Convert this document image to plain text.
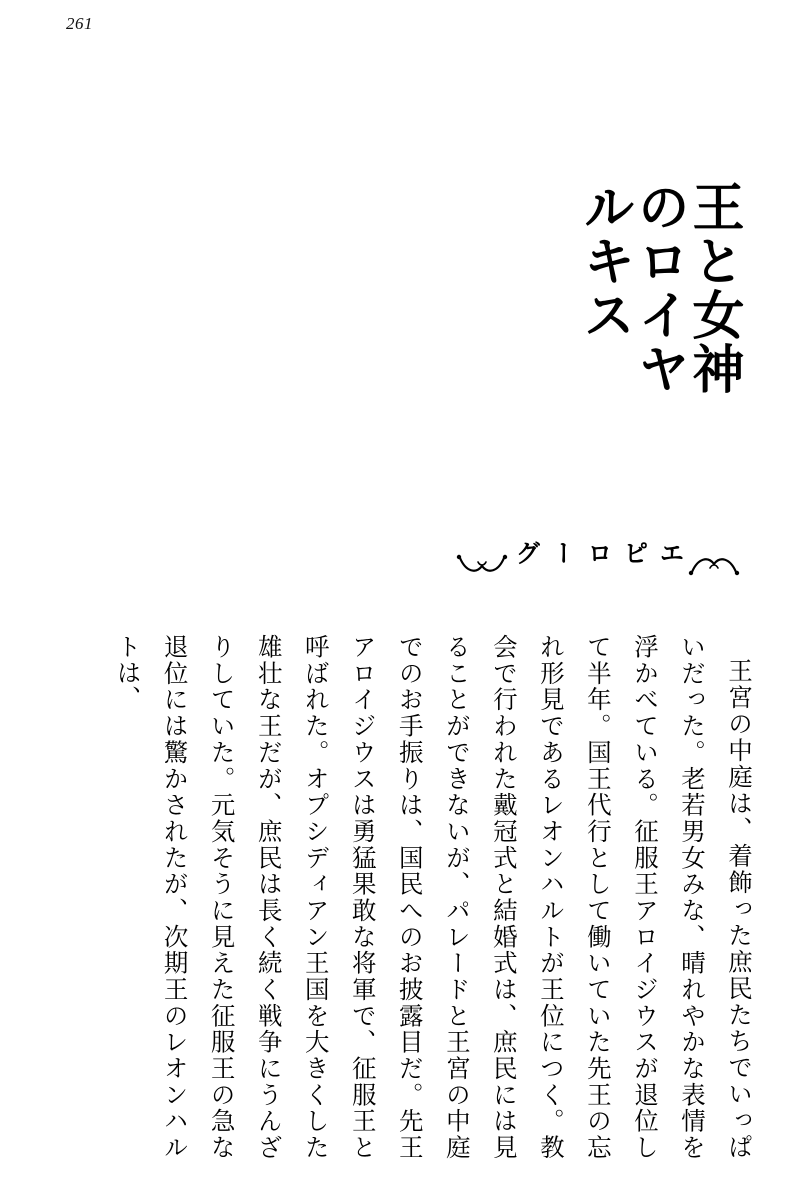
261
王と女神のロイヤルキス
エピローグ

王宮の中庭は、着飾った庶民たちでいっぱいだった。老若男女みな、晴れやかな表情を浮かべている。征服王アロイジウスが退位して半年。国王代行として働いていた先王の忘れ形見であるレオンハルトが王位につく。教会で行われた戴冠式と結婚式は、庶民には見ることができないが、パレードと王宮の中庭でのお手振りは、国民へのお披露目だ。先王アロイジウスは勇猛果敢な将軍で、征服王と呼ばれた。オプシディアン王国を大きくした雄壮な王だが、庶民は長く続く戦争にうんざりしていた。元気そうに見えた征服王の急な退位には驚かされたが、次期王のレオンハルトは、
